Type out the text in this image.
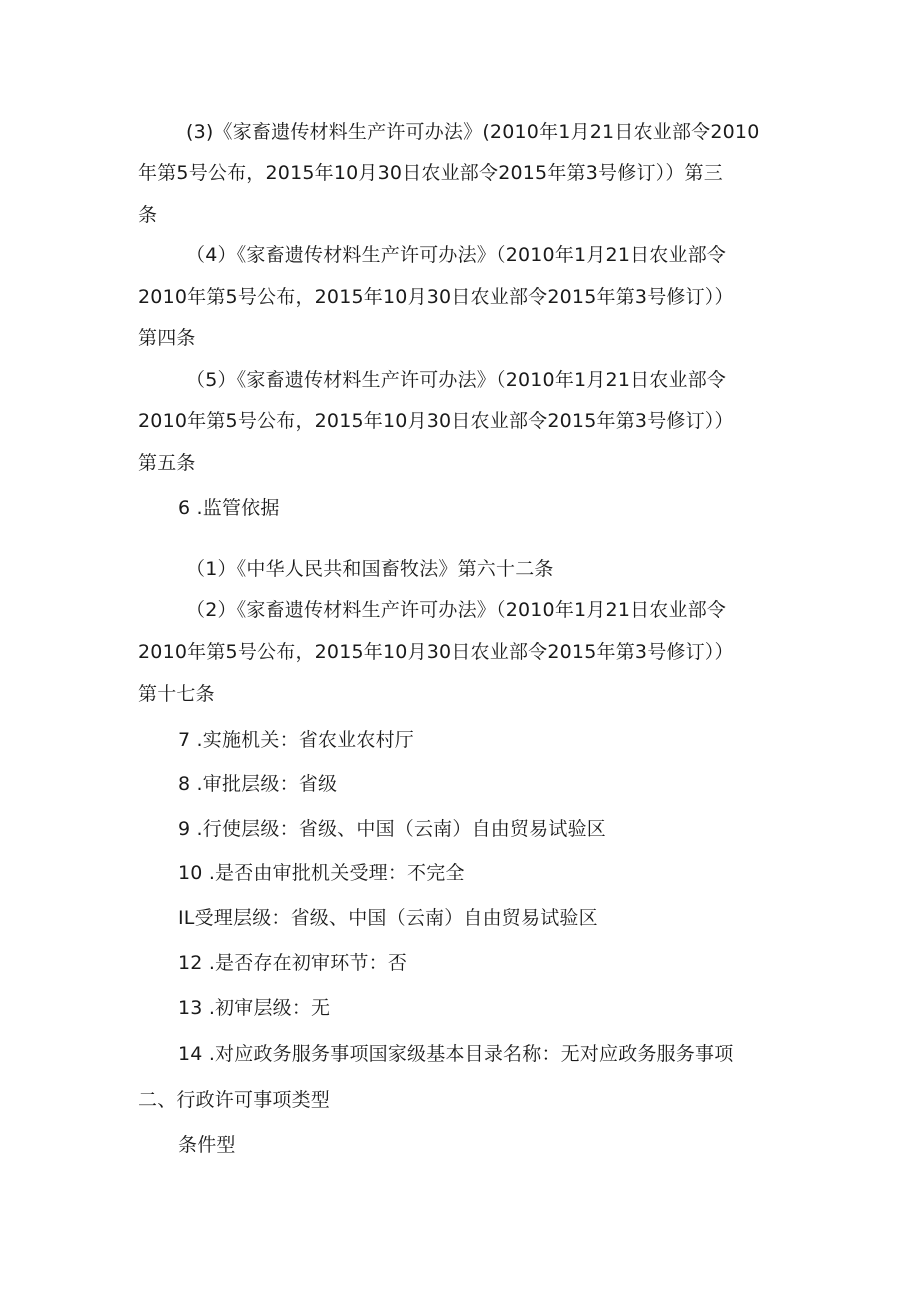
(3)《家畜遗传材料生产许可办法》(2010年1月21日农业部令2010
年第5号公布，2015年10月30日农业部令2015年第3号修订））第三
条
（4）《家畜遗传材料生产许可办法》（2010年1月21日农业部令
2010年第5号公布，2015年10月30日农业部令2015年第3号修订））
第四条
（5）《家畜遗传材料生产许可办法》（2010年1月21日农业部令
2010年第5号公布，2015年10月30日农业部令2015年第3号修订））
第五条
6 .监管依据
（1）《中华人民共和国畜牧法》第六十二条
（2）《家畜遗传材料生产许可办法》（2010年1月21日农业部令
2010年第5号公布，2015年10月30日农业部令2015年第3号修订））
第十七条
7 .实施机关：省农业农村厅
8 .审批层级：省级
9 .行使层级：省级、中国（云南）自由贸易试验区
10 .是否由审批机关受理：不完全
IL受理层级：省级、中国（云南）自由贸易试验区
12 .是否存在初审环节：否
13 .初审层级：无
14 .对应政务服务事项国家级基本目录名称：无对应政务服务事项
二、行政许可事项类型
条件型
